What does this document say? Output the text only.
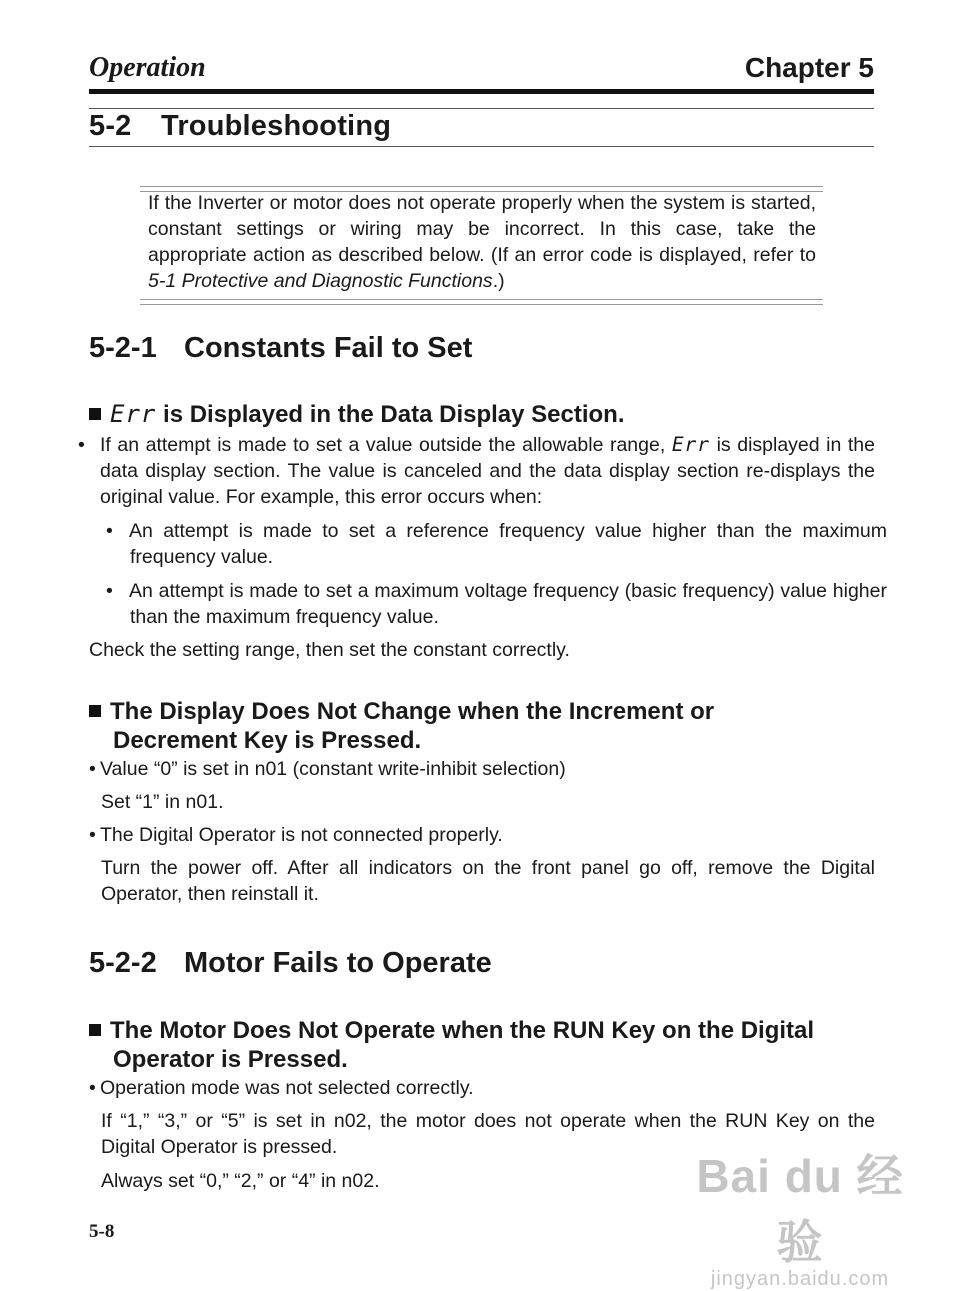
Operation	Chapter 5
5-2 Troubleshooting
If the Inverter or motor does not operate properly when the system is started, constant settings or wiring may be incorrect. In this case, take the appropriate action as described below. (If an error code is displayed, refer to 5-1 Protective and Diagnostic Functions.)
5-2-1 Constants Fail to Set
Err is Displayed in the Data Display Section.
• If an attempt is made to set a value outside the allowable range, Err is displayed in the data display section. The value is canceled and the data display section re-displays the original value. For example, this error occurs when:
• An attempt is made to set a reference frequency value higher than the maximum frequency value.
• An attempt is made to set a maximum voltage frequency (basic frequency) value higher than the maximum frequency value.
Check the setting range, then set the constant correctly.
The Display Does Not Change when the Increment or
Decrement Key is Pressed.
• Value “0” is set in n01 (constant write-inhibit selection)
Set “1” in n01.
• The Digital Operator is not connected properly.
Turn the power off. After all indicators on the front panel go off, remove the Digital Operator, then reinstall it.
5-2-2 Motor Fails to Operate
The Motor Does Not Operate when the RUN Key on the Digital
Operator is Pressed.
• Operation mode was not selected correctly.
If “1,” “3,” or “5” is set in n02, the motor does not operate when the RUN Key on the Digital Operator is pressed.
Always set “0,” “2,” or “4” in n02.
5-8
Bai du 经验
jingyan.baidu.com
